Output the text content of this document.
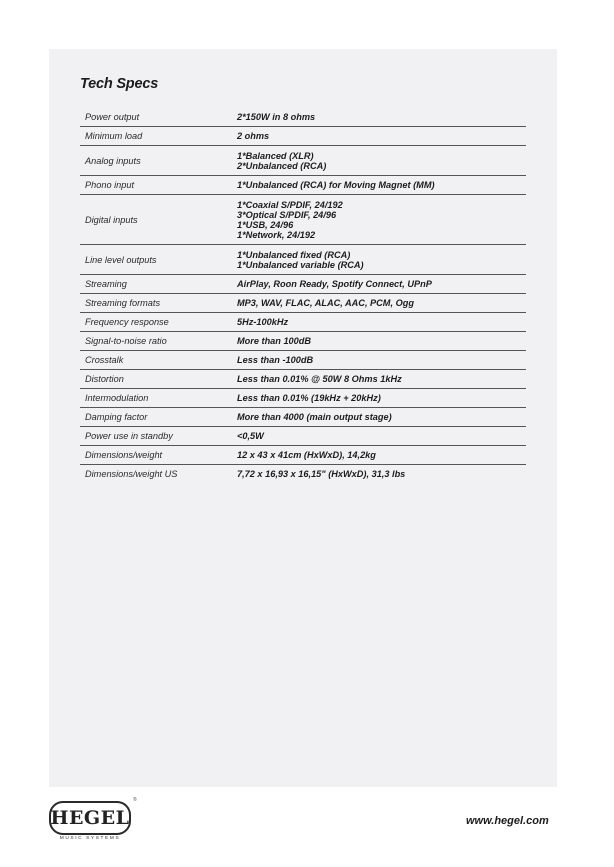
Tech Specs
Power output	2*150W in 8 ohms

Minimum load	2 ohms

Analog inputs	1*Balanced (XLR)
2*Unbalanced (RCA)

Phono input	1*Unbalanced (RCA) for Moving Magnet (MM)

Digital inputs	1*Coaxial S/PDIF, 24/192
3*Optical S/PDIF, 24/96
1*USB, 24/96
1*Network, 24/192

Line level outputs	1*Unbalanced fixed (RCA)
1*Unbalanced variable (RCA)

Streaming	AirPlay, Roon Ready, Spotify Connect, UPnP

Streaming formats	MP3, WAV, FLAC, ALAC, AAC, PCM, Ogg

Frequency response	5Hz-100kHz

Signal-to-noise ratio	More than 100dB

Crosstalk	Less than -100dB

Distortion	Less than 0.01% @ 50W 8 Ohms 1kHz

Intermodulation	Less than 0.01% (19kHz + 20kHz)

Damping factor	More than 4000 (main output stage)

Power use in standby	<0,5W

Dimensions/weight	12 x 43 x 41cm (HxWxD), 14,2kg

Dimensions/weight US	7,72 x 16,93 x 16,15" (HxWxD), 31,3 lbs
HEGEL
®
MUSIC SYSTEMS
www.hegel.com
